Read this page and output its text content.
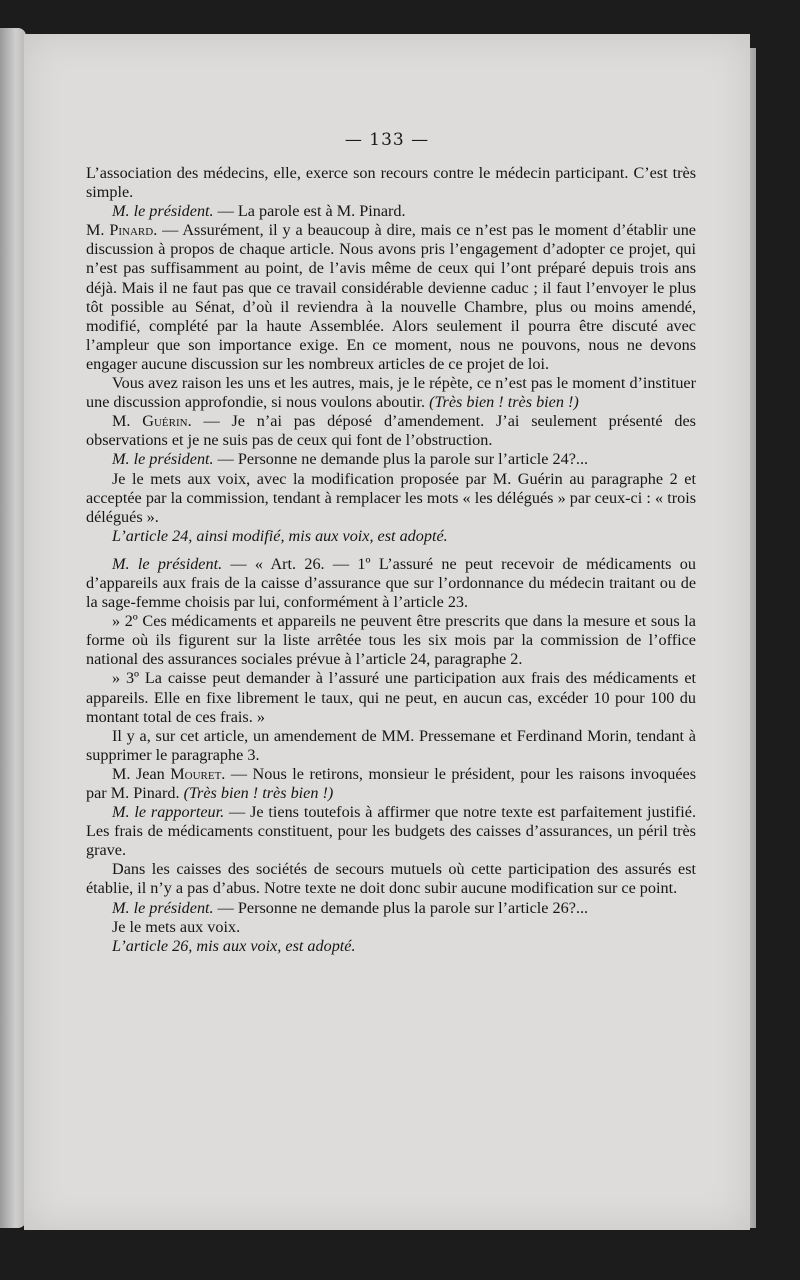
— 133 —

L’association des médecins, elle, exerce son recours contre le médecin participant. C’est très simple.

M. le président. — La parole est à M. Pinard.

M. Pinard. — Assurément, il y a beaucoup à dire, mais ce n’est pas le moment d’établir une discussion à propos de chaque article. Nous avons pris l’engagement d’adopter ce projet, qui n’est pas suffisamment au point, de l’avis même de ceux qui l’ont préparé depuis trois ans déjà. Mais il ne faut pas que ce travail considérable devienne caduc ; il faut l’envoyer le plus tôt possible au Sénat, d’où il reviendra à la nouvelle Chambre, plus ou moins amendé, modifié, complété par la haute Assemblée. Alors seulement il pourra être discuté avec l’ampleur que son importance exige. En ce moment, nous ne pouvons, nous ne devons engager aucune discussion sur les nombreux articles de ce projet de loi.

Vous avez raison les uns et les autres, mais, je le répète, ce n’est pas le moment d’instituer une discussion approfondie, si nous voulons aboutir. (Très bien ! très bien !)

M. Guérin. — Je n’ai pas déposé d’amendement. J’ai seulement présenté des observations et je ne suis pas de ceux qui font de l’obstruction.

M. le président. — Personne ne demande plus la parole sur l’article 24?...

Je le mets aux voix, avec la modification proposée par M. Guérin au paragraphe 2 et acceptée par la commission, tendant à remplacer les mots « les délégués » par ceux-ci : « trois délégués ».

L’article 24, ainsi modifié, mis aux voix, est adopté.

M. le président. — « Art. 26. — 1º L’assuré ne peut recevoir de médicaments ou d’appareils aux frais de la caisse d’assurance que sur l’ordonnance du médecin traitant ou de la sage-femme choisis par lui, conformément à l’article 23.

» 2º Ces médicaments et appareils ne peuvent être prescrits que dans la mesure et sous la forme où ils figurent sur la liste arrêtée tous les six mois par la commission de l’office national des assurances sociales prévue à l’article 24, paragraphe 2.

» 3º La caisse peut demander à l’assuré une participation aux frais des médicaments et appareils. Elle en fixe librement le taux, qui ne peut, en aucun cas, excéder 10 pour 100 du montant total de ces frais. »

Il y a, sur cet article, un amendement de MM. Pressemane et Ferdinand Morin, tendant à supprimer le paragraphe 3.

M. Jean Mouret. — Nous le retirons, monsieur le président, pour les raisons invoquées par M. Pinard. (Très bien ! très bien !)

M. le rapporteur. — Je tiens toutefois à affirmer que notre texte est parfaitement justifié. Les frais de médicaments constituent, pour les budgets des caisses d’assurances, un péril très grave.

Dans les caisses des sociétés de secours mutuels où cette participation des assurés est établie, il n’y a pas d’abus. Notre texte ne doit donc subir aucune modification sur ce point.

M. le président. — Personne ne demande plus la parole sur l’article 26?...

Je le mets aux voix.

L’article 26, mis aux voix, est adopté.
